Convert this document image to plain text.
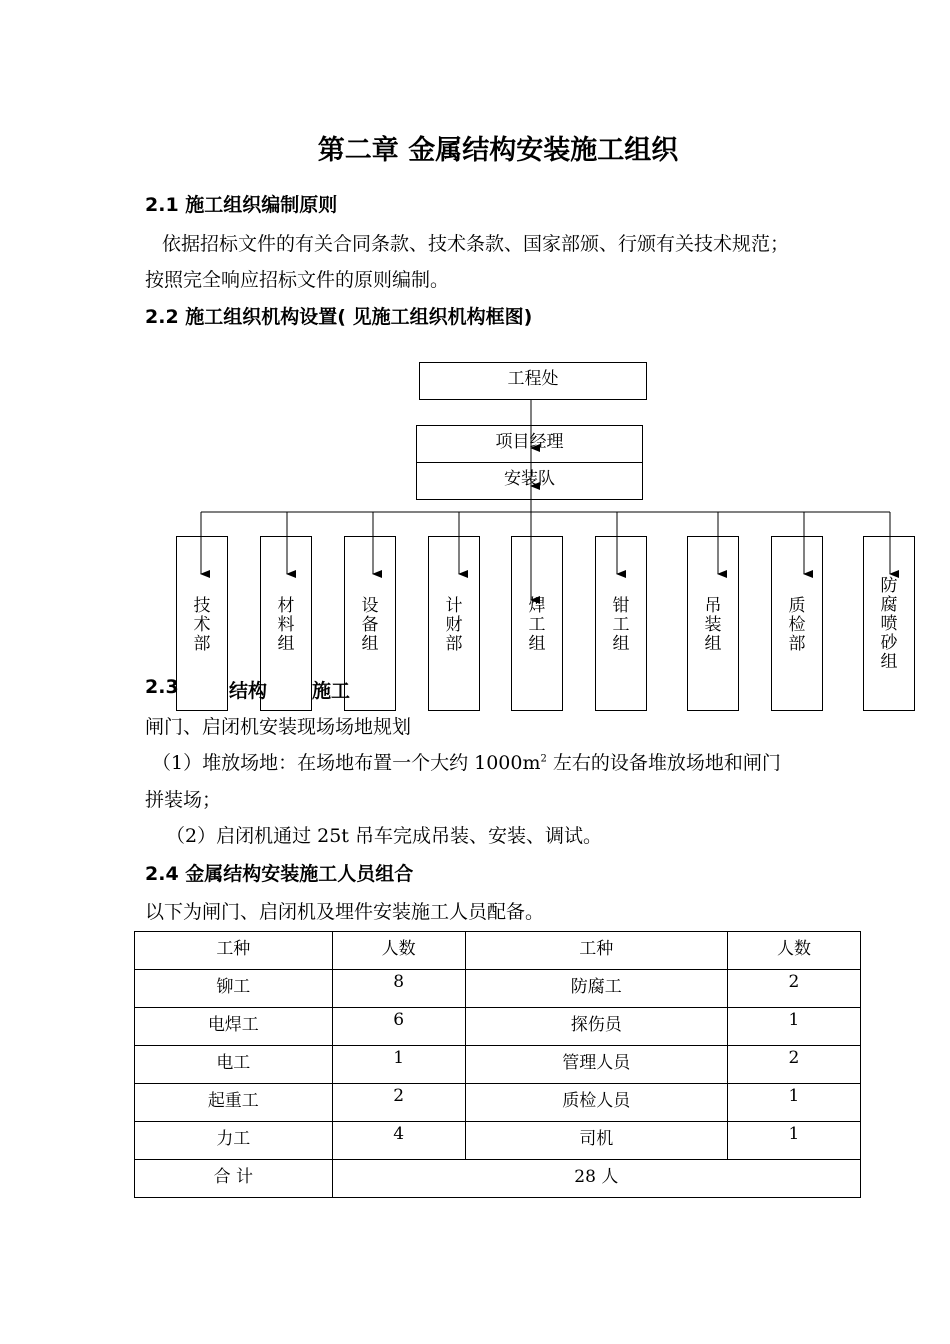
第二章 金属结构安装施工组织
2.1 施工组织编制原则
依据招标文件的有关合同条款、技术条款、国家部颁、行颁有关技术规范；
按照完全响应招标文件的原则编制。
2.2 施工组织机构设置( 见施工组织机构框图)
工程处
项目经理
安装队
技
术
部
材
料
组
设
备
组
计
财
部
焊
工
组
钳
工
组
吊
装
组
质
检
部
防
腐
喷
砂
组
2.3	结构 施工
闸门、启闭机安装现场场地规划
（1）堆放场地：在场地布置一个大约 $1000m^2$ 左右的设备堆放场地和闸门
拼装场；
（2）启闭机通过 25t 吊车完成吊装、安装、调试。
2.4 金属结构安装施工人员组合
以下为闸门、启闭机及埋件安装施工人员配备。
工种	人数	工种	人数
铆工	8	防腐工	2
电焊工	6	探伤员	1
电工	1	管理人员	2
起重工	2	质检人员	1
力工	4	司机	1
合 计	28 人		
